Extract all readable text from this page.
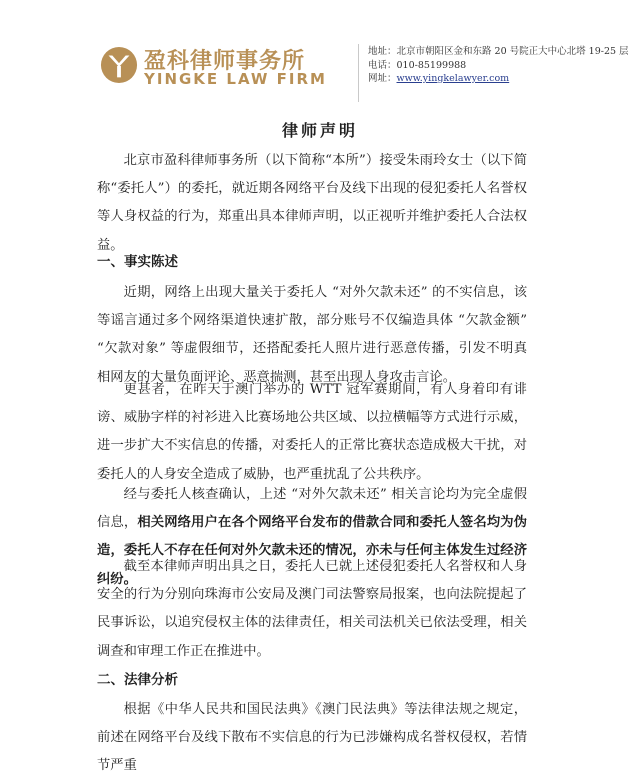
盈科律师事务所
YINGKE LAW FIRM
地址：北京市朝阳区金和东路 20 号院正大中心北塔 19-25 层
电话：010-85199988
网址：www.yingkelawyer.com
律师声明

北京市盈科律师事务所（以下简称“本所”）接受朱雨玲女士（以下简称“委托人”）的委托，就近期各网络平台及线下出现的侵犯委托人名誉权等人身权益的行为，郑重出具本律师声明，以正视听并维护委托人合法权益。

一、事实陈述

近期，网络上出现大量关于委托人 “对外欠款未还” 的不实信息，该等谣言通过多个网络渠道快速扩散，部分账号不仅编造具体 “欠款金额” “欠款对象” 等虚假细节，还搭配委托人照片进行恶意传播，引发不明真相网友的大量负面评论、恶意揣测，甚至出现人身攻击言论。

更甚者，在昨天于澳门举办的 WTT 冠军赛期间，有人身着印有诽谤、威胁字样的衬衫进入比赛场地公共区域、以拉横幅等方式进行示威，进一步扩大不实信息的传播，对委托人的正常比赛状态造成极大干扰，对委托人的人身安全造成了威胁，也严重扰乱了公共秩序。

经与委托人核查确认，上述 “对外欠款未还” 相关言论均为完全虚假信息，相关网络用户在各个网络平台发布的借款合同和委托人签名均为伪造，委托人不存在任何对外欠款未还的情况，亦未与任何主体发生过经济纠纷。

截至本律师声明出具之日，委托人已就上述侵犯委托人名誉权和人身安全的行为分别向珠海市公安局及澳门司法警察局报案，也向法院提起了民事诉讼，以追究侵权主体的法律责任，相关司法机关已依法受理，相关调查和审理工作正在推进中。

二、法律分析

根据《中华人民共和国民法典》《澳门民法典》等法律法规之规定，前述在网络平台及线下散布不实信息的行为已涉嫌构成名誉权侵权，若情节严重
